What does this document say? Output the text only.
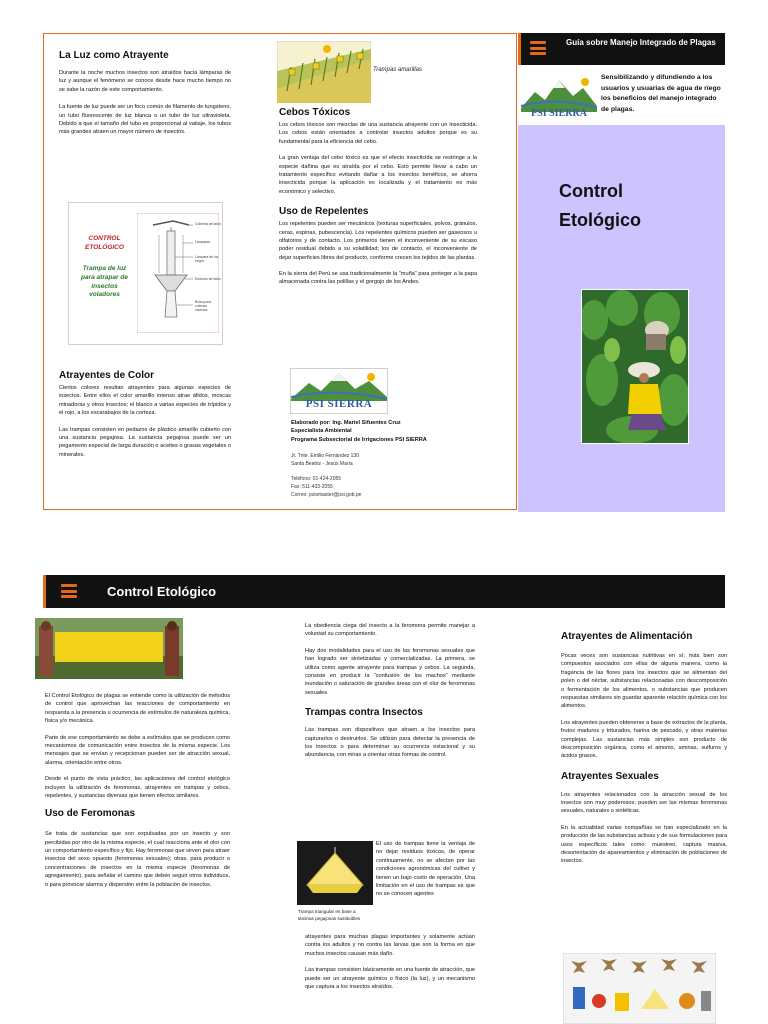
La Luz como Atrayente
Durante la noche muchos insectos son atraídos hacia lámparas de luz y aunque el fenómeno se conoce desde hace mucho tiempo no se sabe la razón de este comportamiento.
La fuente de luz puede ser un foco común de filamento de tungsteno, un tubo fluorescente de luz blanca o un tubo de luz ultravioleta. Debido a que el tamaño del tubo es proporcional al vatiaje, los tubos más grandes atraen un mayor número de insectos.
CONTROL ETOLÓGICO
Trampa de luz para atrapar de insectos voladores
Cubierta de latón
Lámparas
Lámpara de luz negra
Embudo de latón
Bolsa para colectar insectos
Atrayentes de Color
Ciertos colores resultan atrayentes para algunas especies de insectos. Entre ellos el color amarillo intenso atrae áfidos, moscas minadoras y otros insectos; el blanco a varias especies de trípidos y el rojo, a los escarabajos de la corteza.
Las trampas consisten en pedazos de plástico amarillo cubierto con una sustancia pegajosa. La sustancia pegajosa puede ser un pegamento especial de larga duración o aceites o grasas vegetales o minerales.
Trampas amarillas
Cebos Tóxicos
Los cebos tóxicos son mezclas de una sustancia atrayente con un insecticida. Los cebos están orientados a controlar insectos adultos porque es su fundamental para la eficiencia del cebo.
La gran ventaja del cebo tóxico es que el efecto insecticida se restringe a la especie dañina que es atraída por el cebo. Esto permite llevar a cabo un tratamiento específico evitando dañar a los insectos benéficos, se ahorra insecticida porque la aplicación es localizada y el tratamiento es más económico y selectivo.
Uso de Repelentes
Los repelentes pueden ser mecánicos (texturas superficiales, polvos, gránulos, ceras, espinas, pubescencia). Los repelentes químicos pueden ser gaseosos u olfatorios y de contacto. Los primeros tienen el inconveniente de su escaso poder residual debido a su volatilidad; los de contacto, el inconveniente de dejar superficies libres del producto, conforme crecen los tejidos de las plantas.
En la sierra del Perú se usa tradicionalmente la “muña” para proteger a la papa almacenada contra las polillas y el gorgojo de los Andes.
PSI SIERRA
Elaborado por: Ing. Mariel Sifuentes Cruz
Especialista Ambiental
Programa Subsectorial de Irrigaciones PSI SIERRA
Jr. Tnte. Emilio Fernández 130
Santa Beatriz - Jesús María
Teléfono: 01-424-2055
Fax: 511-433-2055
Correo: psismaster@psi.gob.pe
Guía sobre Manejo Integrado de Plagas
PSI SIERRA
Sensibilizando y difundiendo a los usuarios y usuarias de agua de riego los beneficios del manejo integrado de plagas.
Control
Etológico
Control Etológico
El Control Etológico de plagas se entiende como la utilización de métodos de control que aprovechan las reacciones de comportamiento en respuesta a la presencia u ocurrencia de estímulos de naturaleza química, física y/o mecánica.
Parte de ese comportamiento se debe a estímulos que se producen como mecanismos de comunicación entre insectos de la misma especie. Los mensajes que se envían y recepcionan pueden ser de atracción sexual, alarma, orientación entre otros.
Desde el punto de vista práctico, las aplicaciones del control etológico incluyen la utilización de feromonas, atrayentes en trampas y cebos, repelentes, y sustancias diversas que tienen efectos similares.
Uso de Feromonas
Se trata de sustancias que son expulsadas por un insecto y son percibidas por otro de la misma especie, el cual reacciona ante el olor con un comportamiento específico y fijo. Hay feromonas que sirven para atraer insectos del sexo opuesto (feromonas sexuales); otras, para producir o concentraciones de insectos en la misma especie (feromonas de agregamiento), para señalar el camino que deben seguir otros individuos, o para provocar alarma y dispersión entre la población de insectos.
La obediencia ciega del insecto a la feromona permite manejar a voluntad su comportamiento.
Hay dos modalidades para el uso de las feromonas sexuales que han logrado ser sintetizadas y comercializadas. La primera, se utiliza como agente atrayente para trampas y cebos. La segunda, consiste en producir la “confusión de los machos” mediante inundación o saturación de grandes áreas con el olor de feromonas sexuales.
Trampas contra Insectos
Las trampas son dispositivos que atraen a los insectos para capturarlos o destruirlos. Se utilizan para detectar la presencia de los insectos o para determinar su ocurrencia estacional y su abundancia, con miras a orientar otras formas de control.
Trampa triangular en base a láminas pegajosas sustituibles
El uso de trampas tiene la ventaja de no dejar residuos tóxicos, de operar continuamente, no se afectan por las condiciones agronómicas del cultivo y tienen un bajo costo de operación. Una limitación en el uso de trampas es que no se conocen agentes
atrayentes para muchas plagas importantes y solamente actúan contra los adultos y no contra las larvas que son la forma en que muchos insectos causan más daño.
Las trampas consisten básicamente en una fuente de atracción, que puede ser un atrayente químico o físico (la luz), y un mecanismo que captura a los insectos atraídos.
Atrayentes de Alimentación
Pocas veces son sustancias nutritivas en sí; más bien son compuestos asociados con ellas de alguna manera, como la fragancia de las flores para los insectos que se alimentan del polen o del néctar, substancias relacionadas con descomposición o fermentación de los alimentos, o substancias que producen respuestas similares sin guardar aparente relación química con los alimentos.
Los atrayentes pueden obtenerse a base de extractos de la planta, frutos maduros y triturados, harina de pescado, y otras materias complejas. Las sustancias más simples son producto de descomposición orgánica, como el amonio, aminas, sulfuros y ácidos grasos.
Atrayentes Sexuales
Los atrayentes relacionados con la atracción sexual de los insectos son muy poderosos; pueden ser las mismas feromonas sexuales, naturales o sintéticas.
En la actualidad varias compañías se han especializado en la producción de las substancias activas y de sus formulaciones para usos específicos tales como: muestreo, captura masiva, desorientación de apareamientos y eliminación de poblaciones de insectos.
